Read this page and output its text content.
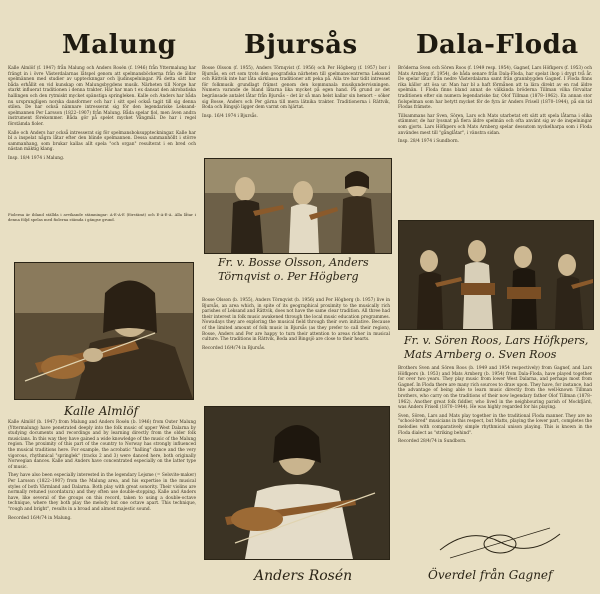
Malung	Bjursås Dala-Floda

Kalle Almlöf (f. 1947) från Malung och Anders Rosén (f. 1946) från Yttermalung har frängt in i övre Västerdalarnas låtspel genom att spelmansböckerna från de äldre spelmännen med studier av upptecknngar och ljudinspelningar. På detta sätt har båda erhållit en vid kunskap om Malungsbygdens musik. Närheten till Norge har starkt influerat traditionen i denna trakter. Här har man t ex dansat den akrobatiska hallingen och den rytmiskt mycket spänstiga springleken. Kalle och Anders har båda nu ursprungligen norska dansformer och har i sitt spel också tagit till sig denna stilen. De har också nämnare intresserat sig för den legendariske Leksand-spelmannen Per Larsson (1822–1907) från Malung. Båda spelar fiol, men även andra instrument förekommer. Båda gör på spelet mycket Vångmål. De har i regel förstämda fioler.

Kalle och Anders har också intresserat sig för spelmansboksuppteckningar. Kalle har bl a inspelat några låtar efter den blinde spelmannen. Dessa sammanhöllt i större sammanhang, som brukar kallas allt spela "och organ" resulterat i en bred och nästan mäktig klang.

Insp. 18/4 1974 i Malung.

Fiolerna är ibland ställda i avvikande stämningar: A-E-A-E (förstämt) och E-A-E-A. Alla låtar i denna följd spelas med fiolerna stämda i gängse grund.

Kalle Almlöf

Kalle Almlöf (b. 1947) from Malung and Anders Rosén (b. 1946) from Outer Malung (Yttermalung) have penetrated deeply into the folk music of upper West Dalarna by studying documents and recordings and by learning directly from the older folk musicians. In this way they have gained a wide knowledge of the music of the Malung region. The proximity of this part of the country to Norway has strongly influenced the musical traditions here. For example, the acrobatic "halling" dance and the very vigorous, rhythmical "springlek" (tracks 2 and 3) were danced here, both originally Norwegian dances. Kalle and Anders have concentrated especially on the latter type of music.

They have also been especially interested in the legendary Lejsme (= Selsvite-maker) Per Larsson (1822–1907) from the Malung area, and his expertise in the musical styles of both Värmland and Dalarna. Both play with great sonority. Their violins are normally retuned (scordatura) and they often use double-stopping. Kalle and Anders have, like several of the groups on this record, taken to using a double-octave technique, where they both play the melody but one octave apart. This technique, "rough and bright", results in a broad and almost majestic sound.

Recorded 16/4/74 in Malung.

Bosse Olsson (f. 1955), Anders Törnqvist (f. 1956) och Per Högberg (f. 1957) bor i Bjursås, en ort som trots den geografiska närheten till spelmanscentrerna Leksand och Rättvik inte har låta särklassa traditioner att peka på. Alla tre har tidit intresset för folkmusik grundlagt främst genom den kommunala musikundervisningen. Numera varande de bland låtarna lika mycket på egen hand. På grund av det begränsade antalet låtar från Bjursås – det är så man helst kallar sin hemort – söker sig Bosse, Anders och Per gärna till mera lätnika trakter. Traditionerna i Rättvik, Boda och Bingsjö ligger dem varmt om hjärtat.

Insp. 16/4 1974 i Bjursås.

Fr. v. Bosse Olsson, Anders Törnqvist o. Per Högberg

Bosse Olsson (b. 1955), Anders Törnqvist (b. 1956) and Per Högberg (b. 1957) live in Bjursås, an area which, in spite of its geographical proximity to the musically rich parishes of Leksand and Rättvik, does not have the same clear tradition. All three had their interest in folk music awakened through the local music education programmes. Nowadays they are exploring the musical field through their own initiative. Because of the limited amount of folk music in Bjursås (as they prefer to call their region), Bosse, Anders and Per are happy to turn their attention to areas richer in musical culture. The traditions in Rättvik, Boda and Bingsjö are close to their hearts.

Recorded 16/4/74 in Bjursås.

Anders Rosén

Bröderna Sven och Sören Roos (f. 1949 resp. 1954), Gagnef, Lars Höfkpers (f. 1953) och Mats Arnberg (f. 1954), de båda senare från Dala-Floda, har spelat ihop i drygt två år. De spelar låtar från nedre Västerdalarna samt från grannbygden Gagnef. I Floda finns rika källor att ösa ur. Man har bl a haft förmånen att ta lära direkt av en rad äldre spelmän. I Floda finns bland annat de välkända bröderna Tillman vilka förvaltar traditionen efter sin numera legendariske far, Olof Tillman (1878–1962). En annan stor fiolspelman som har betytt mycket för de fyra är Anders Frisell (1870–1944), på sin tid Flodas främste.

Tillsammans har Sven, Sören, Lars och Mats utarbetat ett sätt att spela låtarna i olika stämmor, de har lyssnat på flera äldre spelmän och ofta använt sig av de inspelningar som gjorts. Lars Höfkpers och Mats Arnberg spelar dessutom nyckelharpa som i Floda användes mest till "gånglåtar", i vänstra sidan.

Insp. 28/4 1974 i Sundborn.

Fr. v. Sören Roos, Lars Höfkpers, Mats Arnberg o. Sven Roos

Brothers Sven and Sören Roos (b. 1949 and 1954 respectively) from Gagnef, and Lars Höfkpers (b. 1953) and Mats Arnberg (b. 1954) from Dala-Floda, have played together for over two years. They play music from lower West Dalarna, and perhaps most from Gagnef. In Floda there are many rich sources to draw upon. They have, for instance, had the advantage of being able to learn music directly from the well-known Tillman brothers, who carry on the traditions of their now legendary father Olof Tillman (1878–1962). Another great folk fiddler, who lived in the neighbouring parish of Mockfjärd, was Anders Frisell (1870–1944). He was highly regarded for his playing.

Sven, Sören, Lars and Mats play together in the traditional Floda manner. They are no "school-bred" musicians in this respect, but Matts, playing the lower part, completes the melodies with comparatively simple rhythmical unison playing. This is known in the Floda dialect as "striking behind".

Recorded 28/4/74 in Sundborn.

Överdel från Gagnef
